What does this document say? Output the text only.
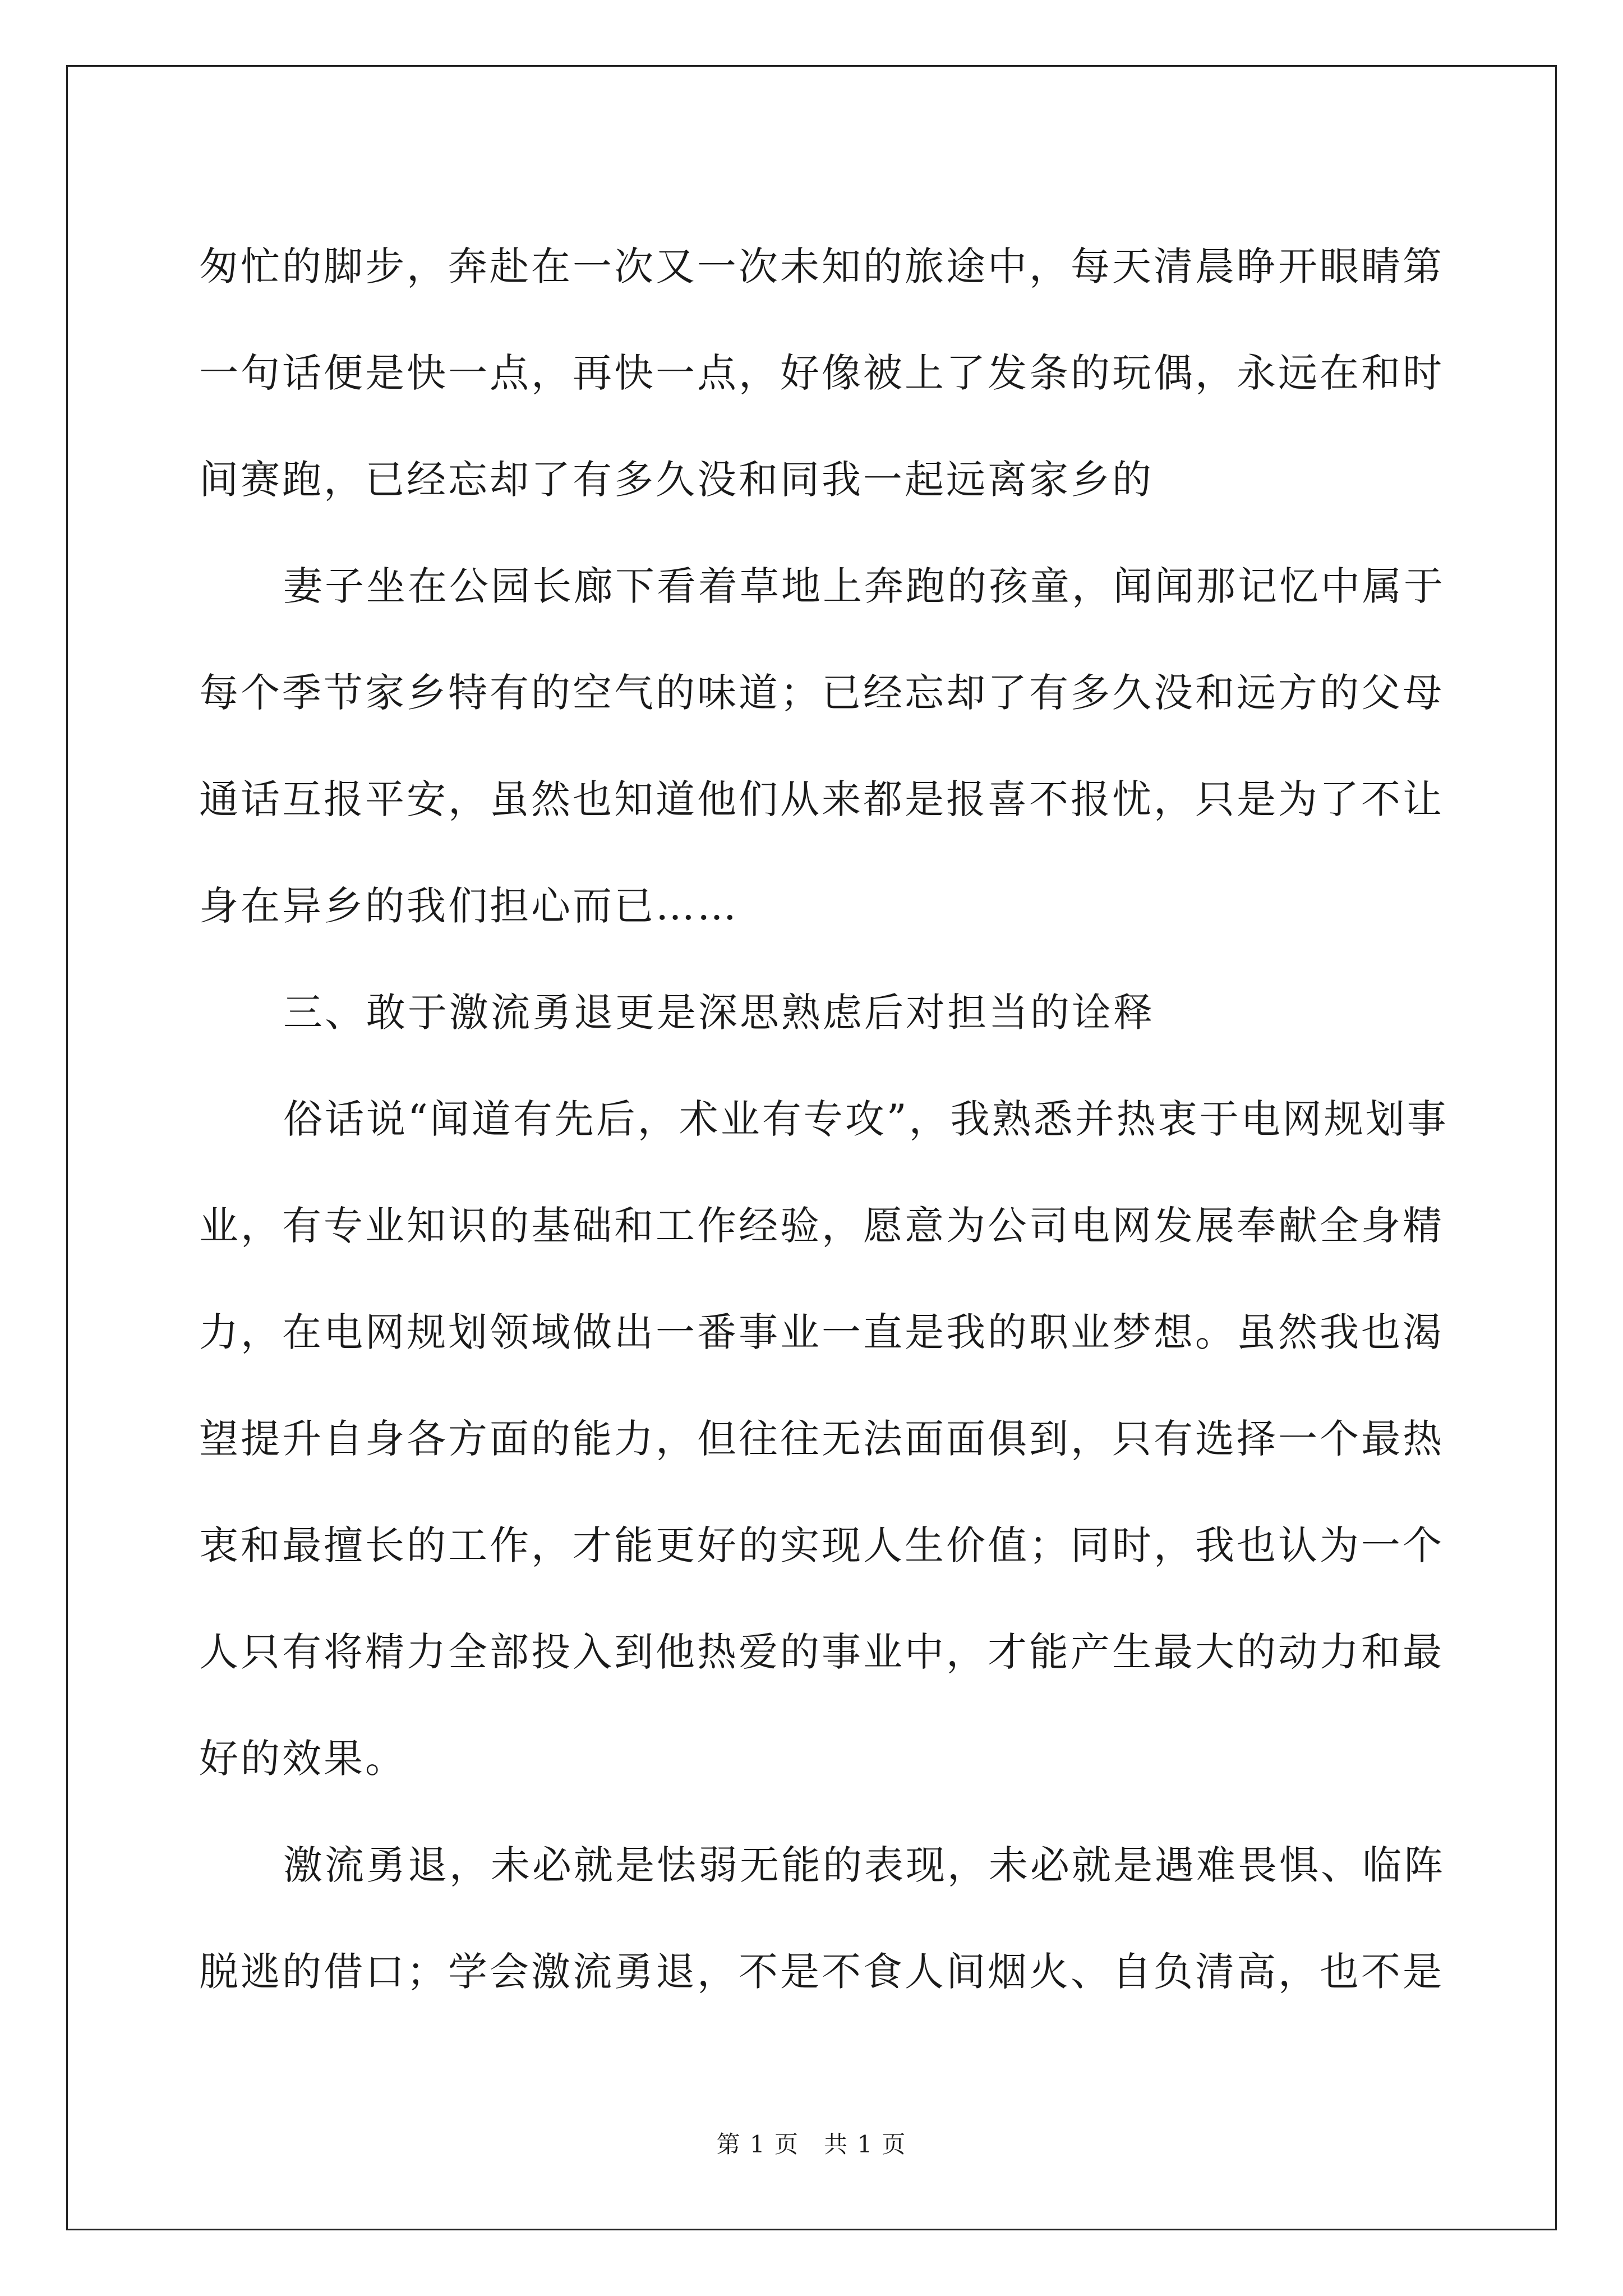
匆忙的脚步，奔赴在一次又一次未知的旅途中，每天清晨睁开眼睛第
一句话便是快一点，再快一点，好像被上了发条的玩偶，永远在和时
间赛跑，已经忘却了有多久没和同我一起远离家乡的
妻子坐在公园长廊下看着草地上奔跑的孩童，闻闻那记忆中属于
每个季节家乡特有的空气的味道；已经忘却了有多久没和远方的父母
通话互报平安，虽然也知道他们从来都是报喜不报忧，只是为了不让
身在异乡的我们担心而已……
三、敢于激流勇退更是深思熟虑后对担当的诠释
俗话说“闻道有先后，术业有专攻”，我熟悉并热衷于电网规划事
业，有专业知识的基础和工作经验，愿意为公司电网发展奉献全身精
力，在电网规划领域做出一番事业一直是我的职业梦想。虽然我也渴
望提升自身各方面的能力，但往往无法面面俱到，只有选择一个最热
衷和最擅长的工作，才能更好的实现人生价值；同时，我也认为一个
人只有将精力全部投入到他热爱的事业中，才能产生最大的动力和最
好的效果。
激流勇退，未必就是怯弱无能的表现，未必就是遇难畏惧、临阵
脱逃的借口；学会激流勇退，不是不食人间烟火、自负清高，也不是
第 1 页　共 1 页
